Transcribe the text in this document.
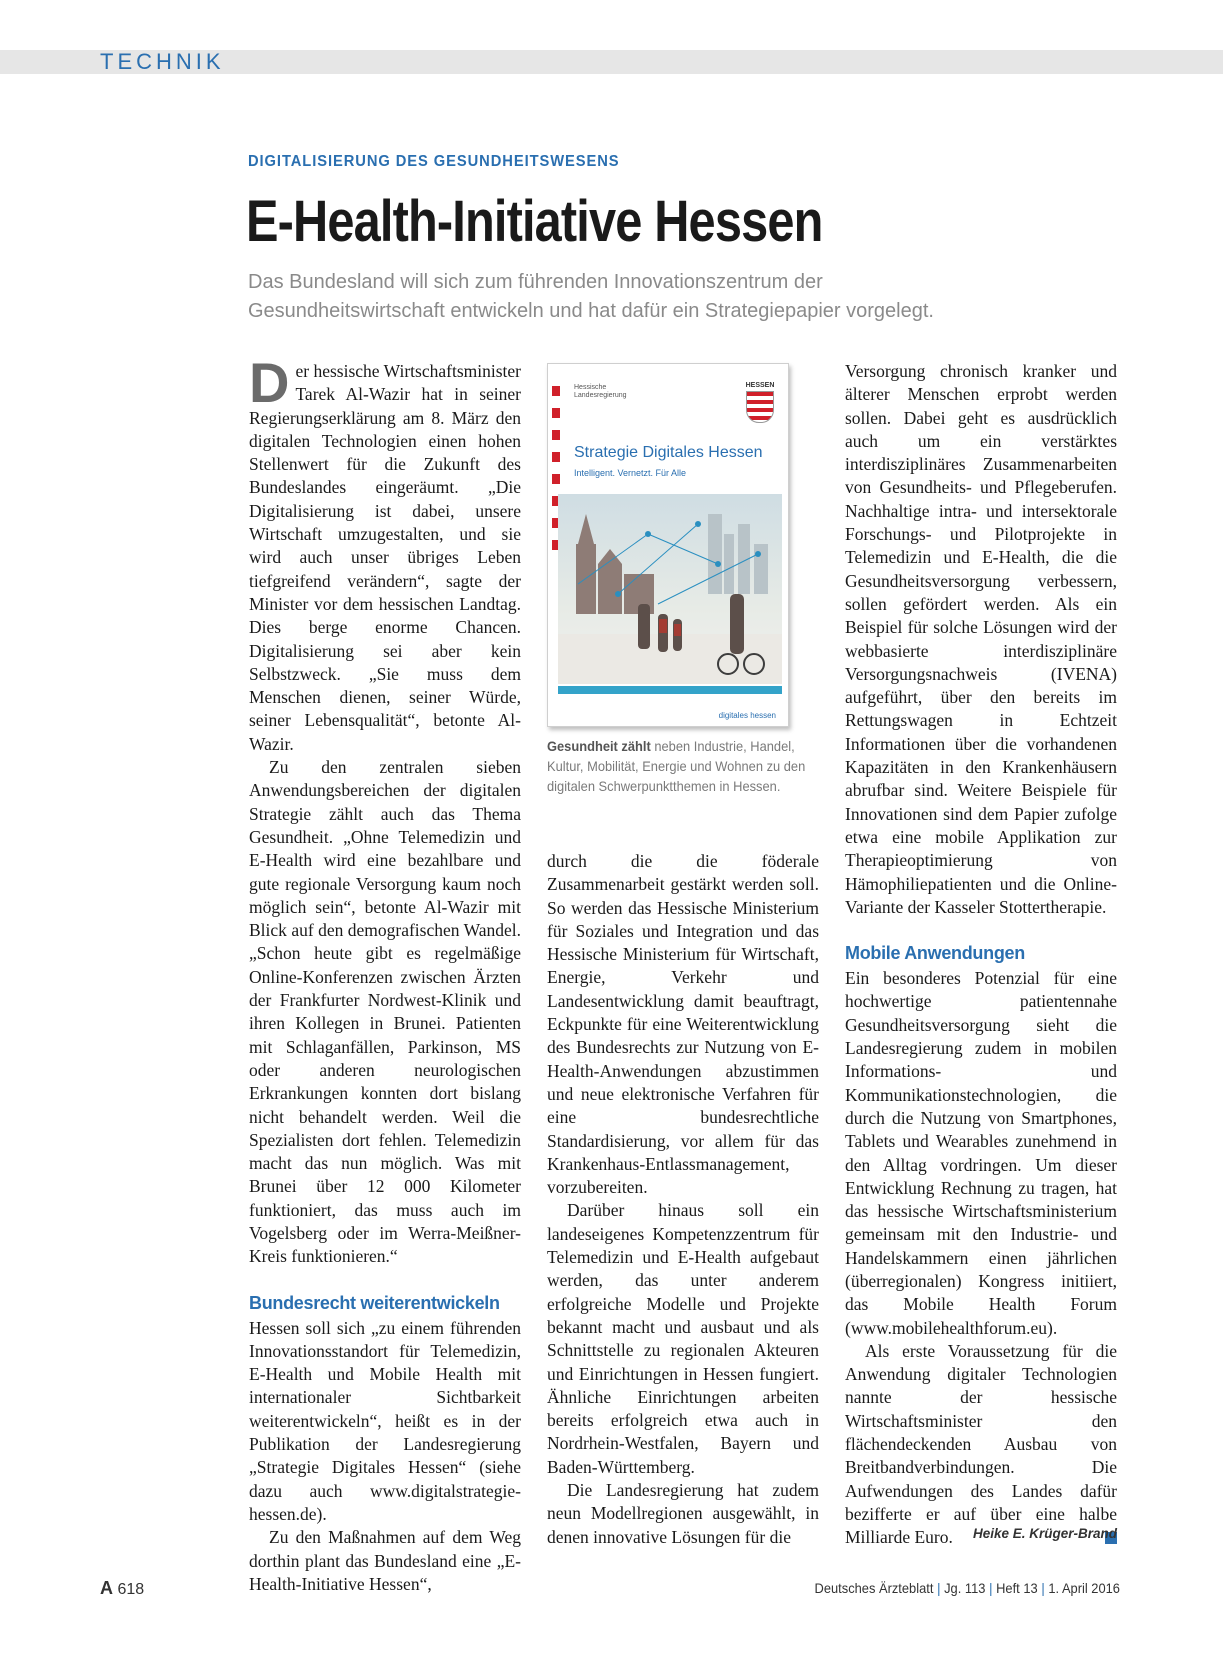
TECHNIK
DIGITALISIERUNG DES GESUNDHEITSWESENS
E-Health-Initiative Hessen
Das Bundesland will sich zum führenden Innovationszentrum der
Gesundheitswirtschaft entwickeln und hat dafür ein Strategiepapier vorgelegt.

Der hessische Wirtschaftsminister Tarek Al-Wazir hat in seiner Regierungserklärung am 8. März den digitalen Technologien einen hohen Stellenwert für die Zukunft des Bundeslandes eingeräumt. „Die Digitalisierung ist dabei, unsere Wirtschaft umzugestalten, und sie wird auch unser übriges Leben tiefgreifend verändern“, sagte der Minister vor dem hessischen Landtag. Dies berge enorme Chancen. Digitalisierung sei aber kein Selbstzweck. „Sie muss dem Menschen dienen, seiner Würde, seiner Lebensqualität“, betonte Al-Wazir.

Zu den zentralen sieben Anwendungsbereichen der digitalen Strategie zählt auch das Thema Gesundheit. „Ohne Telemedizin und E-Health wird eine bezahlbare und gute regionale Versorgung kaum noch möglich sein“, betonte Al-Wazir mit Blick auf den demografischen Wandel. „Schon heute gibt es regelmäßige Online-Konferenzen zwischen Ärzten der Frankfurter Nordwest-Klinik und ihren Kollegen in Brunei. Patienten mit Schlaganfällen, Parkinson, MS oder anderen neurologischen Erkrankungen konnten dort bislang nicht behandelt werden. Weil die Spezialisten dort fehlen. Telemedizin macht das nun möglich. Was mit Brunei über 12 000 Kilometer funktioniert, das muss auch im Vogelsberg oder im Werra-Meißner-Kreis funktionieren.“

Bundesrecht weiterentwickeln

Hessen soll sich „zu einem führenden Innovationsstandort für Telemedizin, E-Health und Mobile Health mit internationaler Sichtbarkeit weiterentwickeln“, heißt es in der Publikation der Landesregierung „Strategie Digitales Hessen“ (siehe dazu auch www.digitalstrategie-hessen.de).

Zu den Maßnahmen auf dem Weg dorthin plant das Bundesland eine „E-Health-Initiative Hessen“,

Hessische Landesregierung
HESSEN
Strategie Digitales Hessen
Intelligent. Vernetzt. Für Alle
digitales hessen
Gesundheit zählt neben Industrie, Handel, Kultur, Mobilität, Energie und Wohnen zu den digitalen Schwerpunktthemen in Hessen.

durch die die föderale Zusammenarbeit gestärkt werden soll. So werden das Hessische Ministerium für Soziales und Integration und das Hessische Ministerium für Wirtschaft, Energie, Verkehr und Landesentwicklung damit beauftragt, Eckpunkte für eine Weiterentwicklung des Bundesrechts zur Nutzung von E-Health-Anwendungen abzustimmen und neue elektronische Verfahren für eine bundesrechtliche Standardisierung, vor allem für das Krankenhaus-Entlassmanagement, vorzubereiten.

Darüber hinaus soll ein landeseigenes Kompetenzzentrum für Telemedizin und E-Health aufgebaut werden, das unter anderem erfolgreiche Modelle und Projekte bekannt macht und ausbaut und als Schnittstelle zu regionalen Akteuren und Einrichtungen in Hessen fungiert. Ähnliche Einrichtungen arbeiten bereits erfolgreich etwa auch in Nordrhein-Westfalen, Bayern und Baden-Württemberg.

Die Landesregierung hat zudem neun Modellregionen ausgewählt, in denen innovative Lösungen für die

Versorgung chronisch kranker und älterer Menschen erprobt werden sollen. Dabei geht es ausdrücklich auch um ein verstärktes interdisziplinäres Zusammenarbeiten von Gesundheits- und Pflegeberufen. Nachhaltige intra- und intersektorale Forschungs- und Pilotprojekte in Telemedizin und E-Health, die die Gesundheitsversorgung verbessern, sollen gefördert werden. Als ein Beispiel für solche Lösungen wird der webbasierte interdisziplinäre Versorgungsnachweis (IVENA) aufgeführt, über den bereits im Rettungswagen in Echtzeit Informationen über die vorhandenen Kapazitäten in den Krankenhäusern abrufbar sind. Weitere Beispiele für Innovationen sind dem Papier zufolge etwa eine mobile Applikation zur Therapieoptimierung von Hämophiliepatienten und die Online-Variante der Kasseler Stottertherapie.

Mobile Anwendungen

Ein besonderes Potenzial für eine hochwertige patientennahe Gesundheitsversorgung sieht die Landesregierung zudem in mobilen Informations- und Kommunikationstechnologien, die durch die Nutzung von Smartphones, Tablets und Wearables zunehmend in den Alltag vordringen. Um dieser Entwicklung Rechnung zu tragen, hat das hessische Wirtschaftsministerium gemeinsam mit den Industrie- und Handelskammern einen jährlichen (überregionalen) Kongress initiiert, das Mobile Health Forum (www.mobilehealthforum.eu).

Als erste Voraussetzung für die Anwendung digitaler Technologien nannte der hessische Wirtschaftsminister den flächendeckenden Ausbau von Breitbandverbindungen. Die Aufwendungen des Landes dafür bezifferte er auf über eine halbe Milliarde Euro.	Heike E. Krüger-Brand
A 618	Deutsches Ärzteblatt | Jg. 113 | Heft 13 | 1. April 2016
